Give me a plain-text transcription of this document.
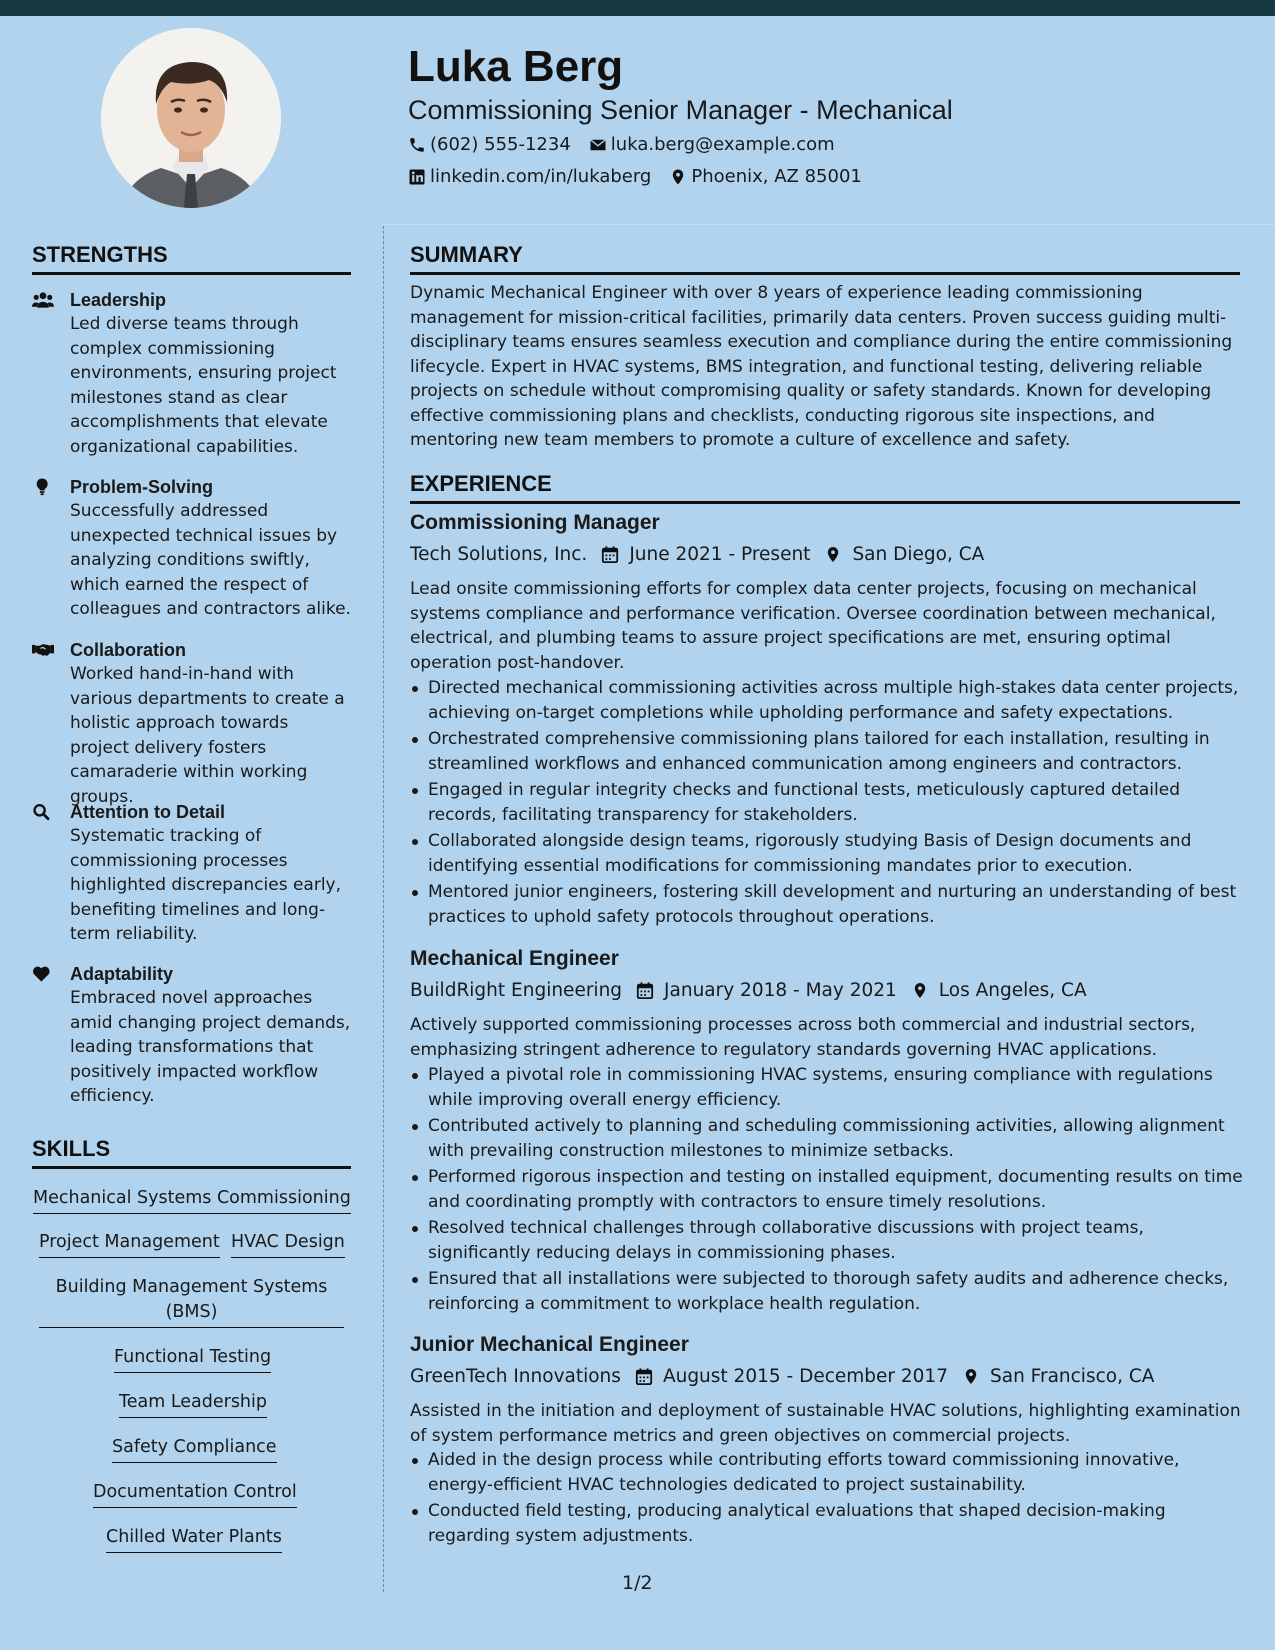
Luka Berg
Commissioning Senior Manager - Mechanical
(602) 555-1234 luka.berg@example.com
linkedin.com/in/lukaberg Phoenix, AZ 85001
STRENGTHS
Leadership
Led diverse teams through complex commissioning environments, ensuring project milestones stand as clear accomplishments that elevate organizational capabilities.
Problem-Solving
Successfully addressed unexpected technical issues by analyzing conditions swiftly, which earned the respect of colleagues and contractors alike.
Collaboration
Worked hand-in-hand with various departments to create a holistic approach towards project delivery fosters camaraderie within working groups.
Attention to Detail
Systematic tracking of commissioning processes highlighted discrepancies early, benefiting timelines and long-term reliability.
Adaptability
Embraced novel approaches amid changing project demands, leading transformations that positively impacted workflow efficiency.
SKILLS
Mechanical Systems Commissioning
Project Management HVAC Design
Building Management Systems (BMS)
Functional Testing
Team Leadership
Safety Compliance
Documentation Control
Chilled Water Plants
SUMMARY
Dynamic Mechanical Engineer with over 8 years of experience leading commissioning management for mission-critical facilities, primarily data centers. Proven success guiding multi-disciplinary teams ensures seamless execution and compliance during the entire commissioning lifecycle. Expert in HVAC systems, BMS integration, and functional testing, delivering reliable projects on schedule without compromising quality or safety standards. Known for developing effective commissioning plans and checklists, conducting rigorous site inspections, and mentoring new team members to promote a culture of excellence and safety.
EXPERIENCE
Commissioning Manager
Tech Solutions, Inc. June 2021 - Present San Diego, CA
Lead onsite commissioning efforts for complex data center projects, focusing on mechanical systems compliance and performance verification. Oversee coordination between mechanical, electrical, and plumbing teams to assure project specifications are met, ensuring optimal operation post-handover.
Directed mechanical commissioning activities across multiple high-stakes data center projects, achieving on-target completions while upholding performance and safety expectations.
Orchestrated comprehensive commissioning plans tailored for each installation, resulting in streamlined workflows and enhanced communication among engineers and contractors.
Engaged in regular integrity checks and functional tests, meticulously captured detailed records, facilitating transparency for stakeholders.
Collaborated alongside design teams, rigorously studying Basis of Design documents and identifying essential modifications for commissioning mandates prior to execution.
Mentored junior engineers, fostering skill development and nurturing an understanding of best practices to uphold safety protocols throughout operations.
Mechanical Engineer
BuildRight Engineering January 2018 - May 2021 Los Angeles, CA
Actively supported commissioning processes across both commercial and industrial sectors, emphasizing stringent adherence to regulatory standards governing HVAC applications.
Played a pivotal role in commissioning HVAC systems, ensuring compliance with regulations while improving overall energy efficiency.
Contributed actively to planning and scheduling commissioning activities, allowing alignment with prevailing construction milestones to minimize setbacks.
Performed rigorous inspection and testing on installed equipment, documenting results on time and coordinating promptly with contractors to ensure timely resolutions.
Resolved technical challenges through collaborative discussions with project teams, significantly reducing delays in commissioning phases.
Ensured that all installations were subjected to thorough safety audits and adherence checks, reinforcing a commitment to workplace health regulation.
Junior Mechanical Engineer
GreenTech Innovations August 2015 - December 2017 San Francisco, CA
Assisted in the initiation and deployment of sustainable HVAC solutions, highlighting examination of system performance metrics and green objectives on commercial projects.
Aided in the design process while contributing efforts toward commissioning innovative, energy-efficient HVAC technologies dedicated to project sustainability.
Conducted field testing, producing analytical evaluations that shaped decision-making regarding system adjustments.
1/2
